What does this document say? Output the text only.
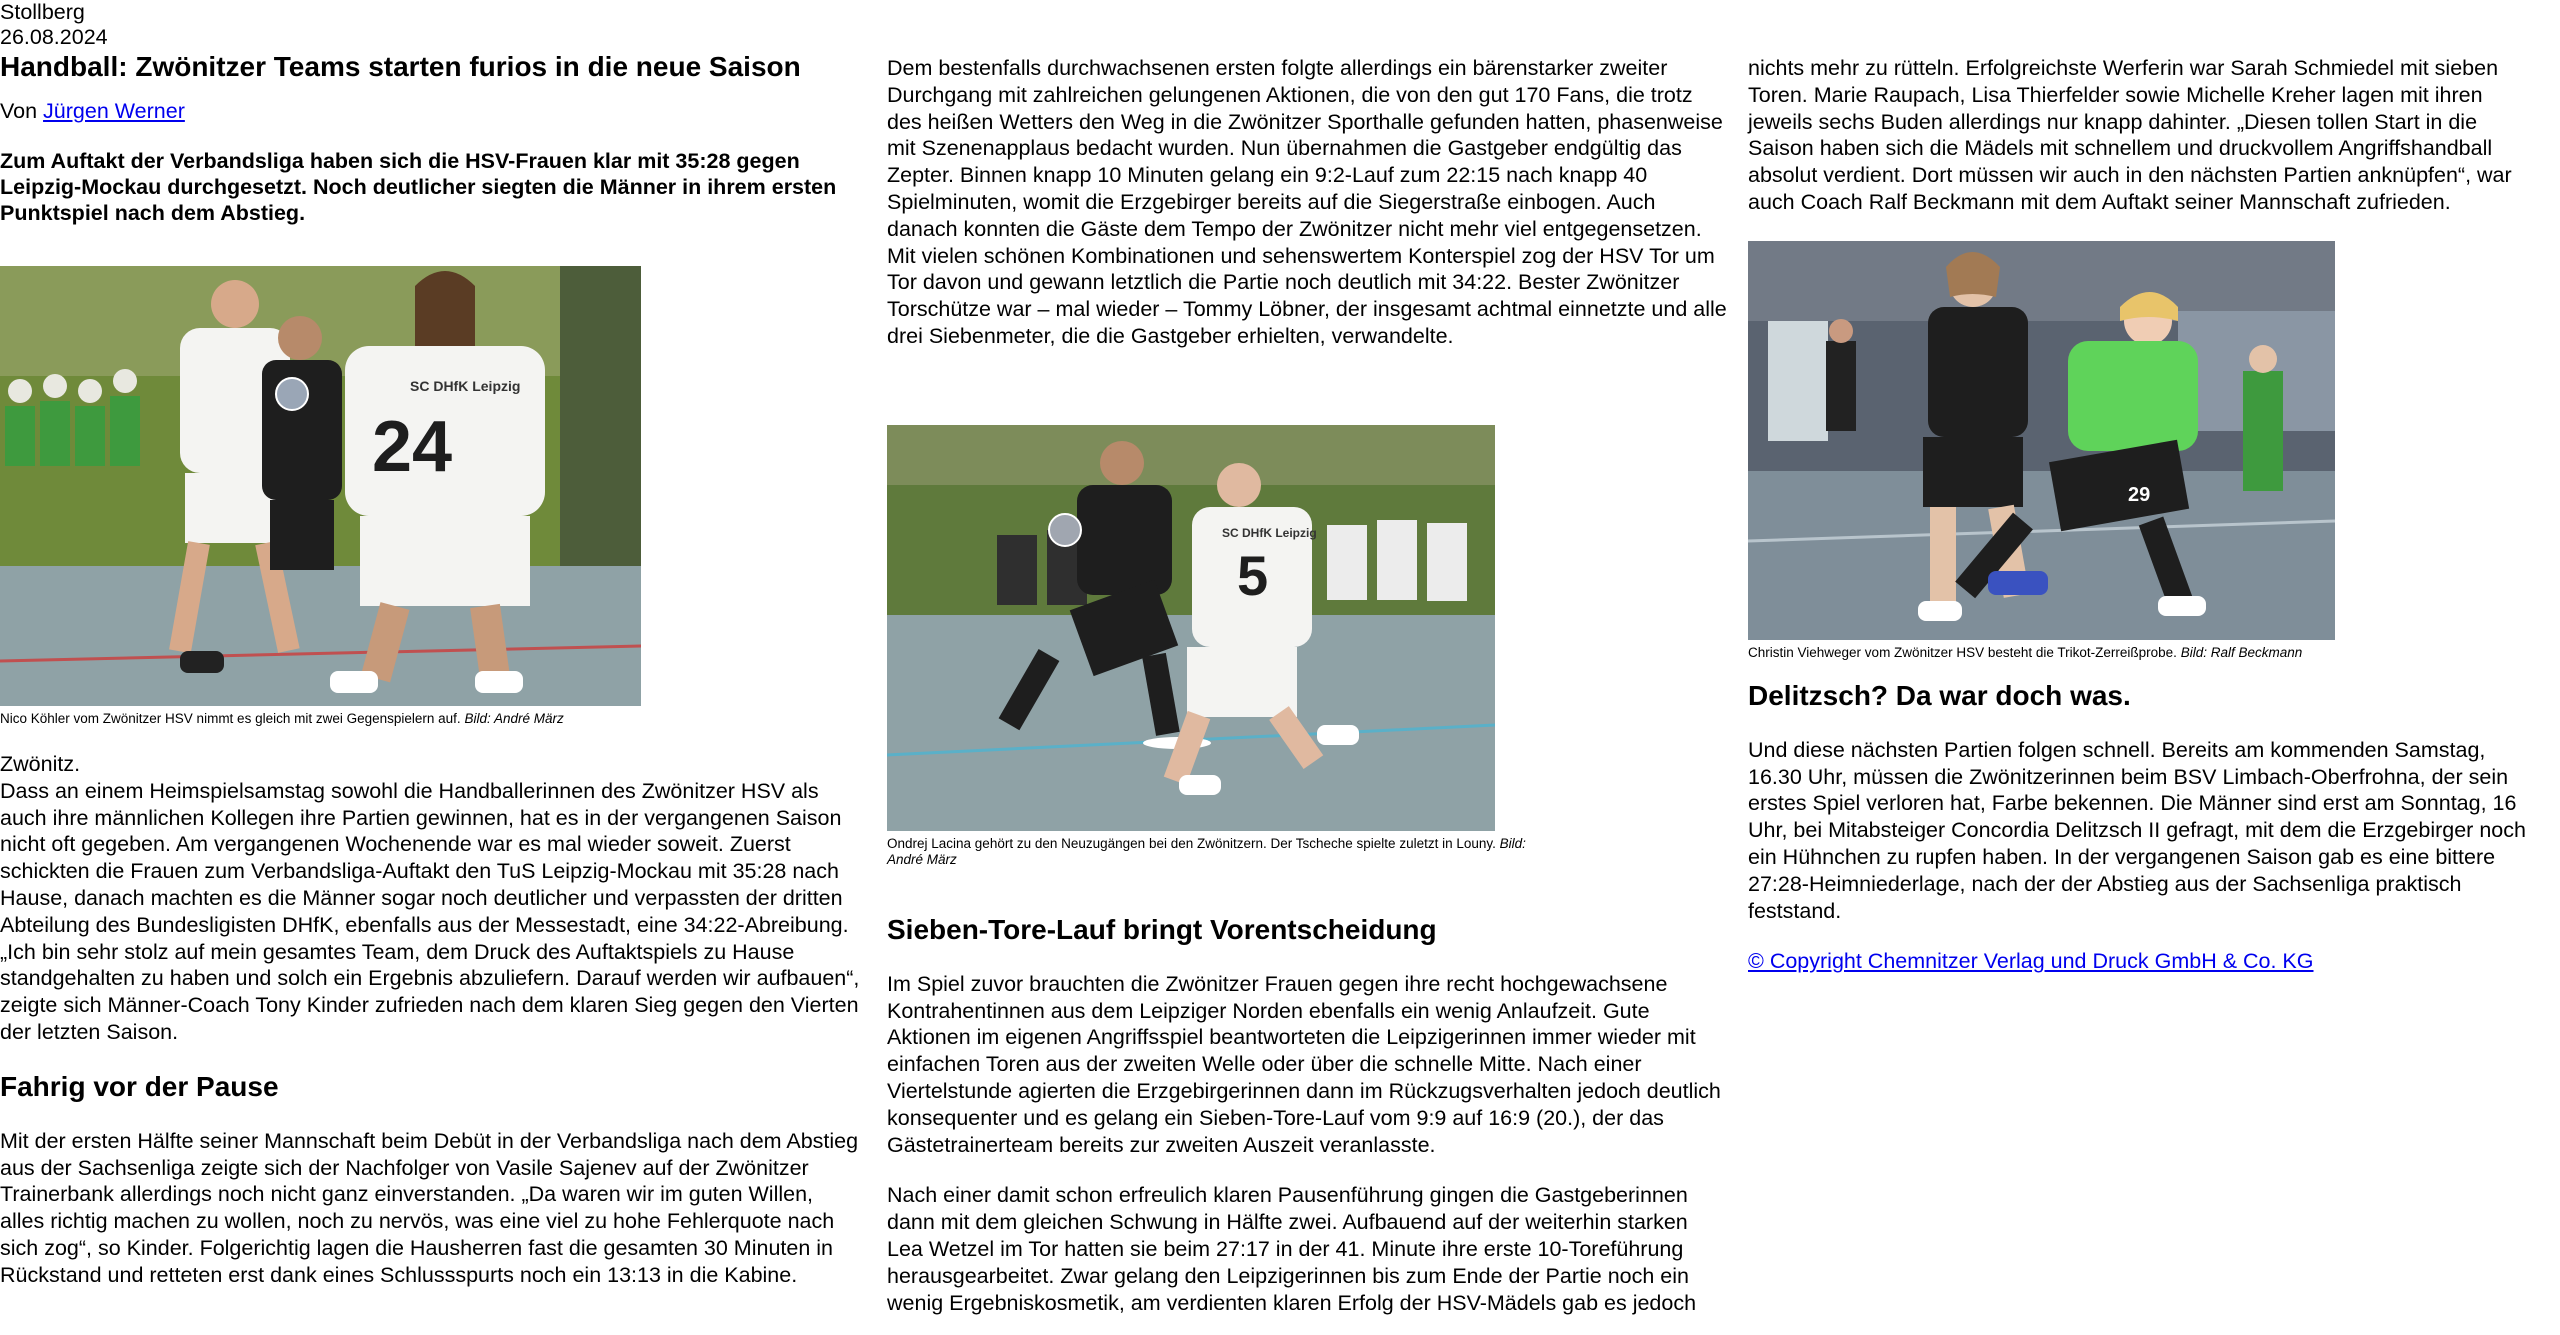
Stollberg

26.08.2024

Handball: Zwönitzer Teams starten furios in die neue Saison

Von Jürgen Werner

Zum Auftakt der Verbandsliga haben sich die HSV-Frauen klar mit 35:28 gegen Leipzig-Mockau durchgesetzt. Noch deutlicher siegten die Männer in ihrem ersten Punktspiel nach dem Abstieg.

SC DHfK Leipzig
24

Nico Köhler vom Zwönitzer HSV nimmt es gleich mit zwei Gegenspielern auf. Bild: André März

Zwönitz.

Dass an einem Heimspielsamstag sowohl die Handballerinnen des Zwönitzer HSV als auch ihre männlichen Kollegen ihre Partien gewinnen, hat es in der vergangenen Saison nicht oft gegeben. Am vergangenen Wochenende war es mal wieder soweit. Zuerst schickten die Frauen zum Verbandsliga-Auftakt den TuS Leipzig-Mockau mit 35:28 nach Hause, danach machten es die Männer sogar noch deutlicher und verpassten der dritten Abteilung des Bundesligisten DHfK, ebenfalls aus der Messestadt, eine 34:22-Abreibung. „Ich bin sehr stolz auf mein gesamtes Team, dem Druck des Auftaktspiels zu Hause standgehalten zu haben und solch ein Ergebnis abzuliefern. Darauf werden wir aufbauen“, zeigte sich Männer-Coach Tony Kinder zufrieden nach dem klaren Sieg gegen den Vierten der letzten Saison.

Fahrig vor der Pause

Mit der ersten Hälfte seiner Mannschaft beim Debüt in der Verbandsliga nach dem Abstieg aus der Sachsenliga zeigte sich der Nachfolger von Vasile Sajenev auf der Zwönitzer Trainerbank allerdings noch nicht ganz einverstanden. „Da waren wir im guten Willen, alles richtig machen zu wollen, noch zu nervös, was eine viel zu hohe Fehlerquote nach sich zog“, so Kinder. Folgerichtig lagen die Hausherren fast die gesamten 30 Minuten in Rückstand und retteten erst dank eines Schlussspurts noch ein 13:13 in die Kabine.

Dem bestenfalls durchwachsenen ersten folgte allerdings ein bärenstarker zweiter Durchgang mit zahlreichen gelungenen Aktionen, die von den gut 170 Fans, die trotz des heißen Wetters den Weg in die Zwönitzer Sporthalle gefunden hatten, phasenweise mit Szenenapplaus bedacht wurden. Nun übernahmen die Gastgeber endgültig das Zepter. Binnen knapp 10 Minuten gelang ein 9:2-Lauf zum 22:15 nach knapp 40 Spielminuten, womit die Erzgebirger bereits auf die Siegerstraße einbogen. Auch danach konnten die Gäste dem Tempo der Zwönitzer nicht mehr viel entgegensetzen. Mit vielen schönen Kombinationen und sehenswertem Konterspiel zog der HSV Tor um Tor davon und gewann letztlich die Partie noch deutlich mit 34:22. Bester Zwönitzer Torschütze war – mal wieder – Tommy Löbner, der insgesamt achtmal einnetzte und alle drei Siebenmeter, die die Gastgeber erhielten, verwandelte.

SC DHfK Leipzig
5

Ondrej Lacina gehört zu den Neuzugängen bei den Zwönitzern. Der Tscheche spielte zuletzt in Louny. Bild: André März

Sieben-Tore-Lauf bringt Vorentscheidung

Im Spiel zuvor brauchten die Zwönitzer Frauen gegen ihre recht hochgewachsene Kontrahentinnen aus dem Leipziger Norden ebenfalls ein wenig Anlaufzeit. Gute Aktionen im eigenen Angriffsspiel beantworteten die Leipzigerinnen immer wieder mit einfachen Toren aus der zweiten Welle oder über die schnelle Mitte. Nach einer Viertelstunde agierten die Erzgebirgerinnen dann im Rückzugsverhalten jedoch deutlich konsequenter und es gelang ein Sieben-Tore-Lauf vom 9:9 auf 16:9 (20.), der das Gästetrainerteam bereits zur zweiten Auszeit veranlasste.

Nach einer damit schon erfreulich klaren Pausenführung gingen die Gastgeberinnen dann mit dem gleichen Schwung in Hälfte zwei. Aufbauend auf der weiterhin starken Lea Wetzel im Tor hatten sie beim 27:17 in der 41. Minute ihre erste 10-Toreführung herausgearbeitet. Zwar gelang den Leipzigerinnen bis zum Ende der Partie noch ein wenig Ergebniskosmetik, am verdienten klaren Erfolg der HSV-Mädels gab es jedoch

nichts mehr zu rütteln. Erfolgreichste Werferin war Sarah Schmiedel mit sieben Toren. Marie Raupach, Lisa Thierfelder sowie Michelle Kreher lagen mit ihren jeweils sechs Buden allerdings nur knapp dahinter. „Diesen tollen Start in die Saison haben sich die Mädels mit schnellem und druckvollem Angriffshandball absolut verdient. Dort müssen wir auch in den nächsten Partien anknüpfen“, war auch Coach Ralf Beckmann mit dem Auftakt seiner Mannschaft zufrieden.

29

Christin Viehweger vom Zwönitzer HSV besteht die Trikot-Zerreißprobe. Bild: Ralf Beckmann

Delitzsch? Da war doch was.

Und diese nächsten Partien folgen schnell. Bereits am kommenden Samstag, 16.30 Uhr, müssen die Zwönitzerinnen beim BSV Limbach-Oberfrohna, der sein erstes Spiel verloren hat, Farbe bekennen. Die Männer sind erst am Sonntag, 16 Uhr, bei Mitabsteiger Concordia Delitzsch II gefragt, mit dem die Erzgebirger noch ein Hühnchen zu rupfen haben. In der vergangenen Saison gab es eine bittere 27:28-Heimniederlage, nach der der Abstieg aus der Sachsenliga praktisch feststand.

© Copyright Chemnitzer Verlag und Druck GmbH & Co. KG
